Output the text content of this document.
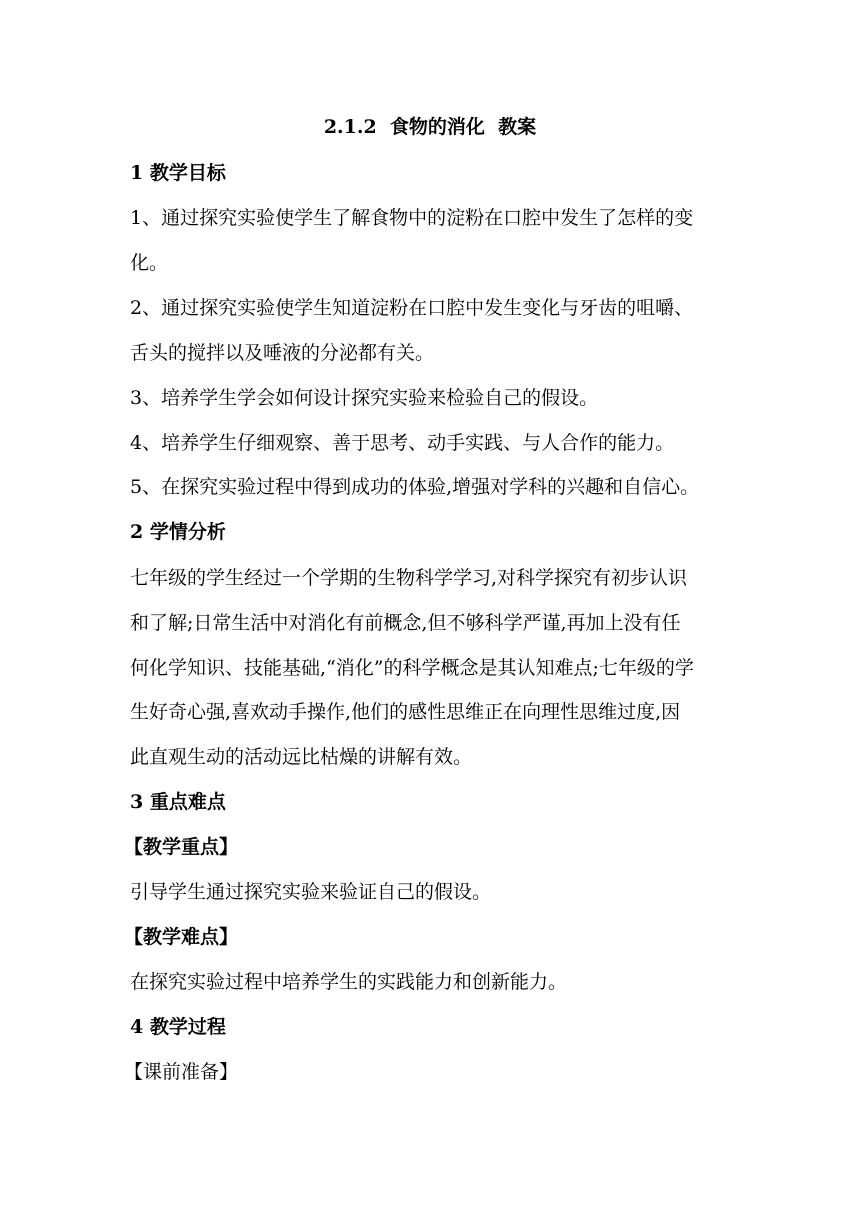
2.1.2  食物的消化  教案
1 教学目标
1、通过探究实验使学生了解食物中的淀粉在口腔中发生了怎样的变
化。
2、通过探究实验使学生知道淀粉在口腔中发生变化与牙齿的咀嚼、
舌头的搅拌以及唾液的分泌都有关。
3、培养学生学会如何设计探究实验来检验自己的假设。
4、培养学生仔细观察、善于思考、动手实践、与人合作的能力。
5、在探究实验过程中得到成功的体验,增强对学科的兴趣和自信心。
2 学情分析
七年级的学生经过一个学期的生物科学学习,对科学探究有初步认识
和了解;日常生活中对消化有前概念,但不够科学严谨,再加上没有任
何化学知识、技能基础,“消化”的科学概念是其认知难点;七年级的学
生好奇心强,喜欢动手操作,他们的感性思维正在向理性思维过度,因
此直观生动的活动远比枯燥的讲解有效。
3 重点难点
【教学重点】
引导学生通过探究实验来验证自己的假设。
【教学难点】
在探究实验过程中培养学生的实践能力和创新能力。
4 教学过程
【课前准备】
